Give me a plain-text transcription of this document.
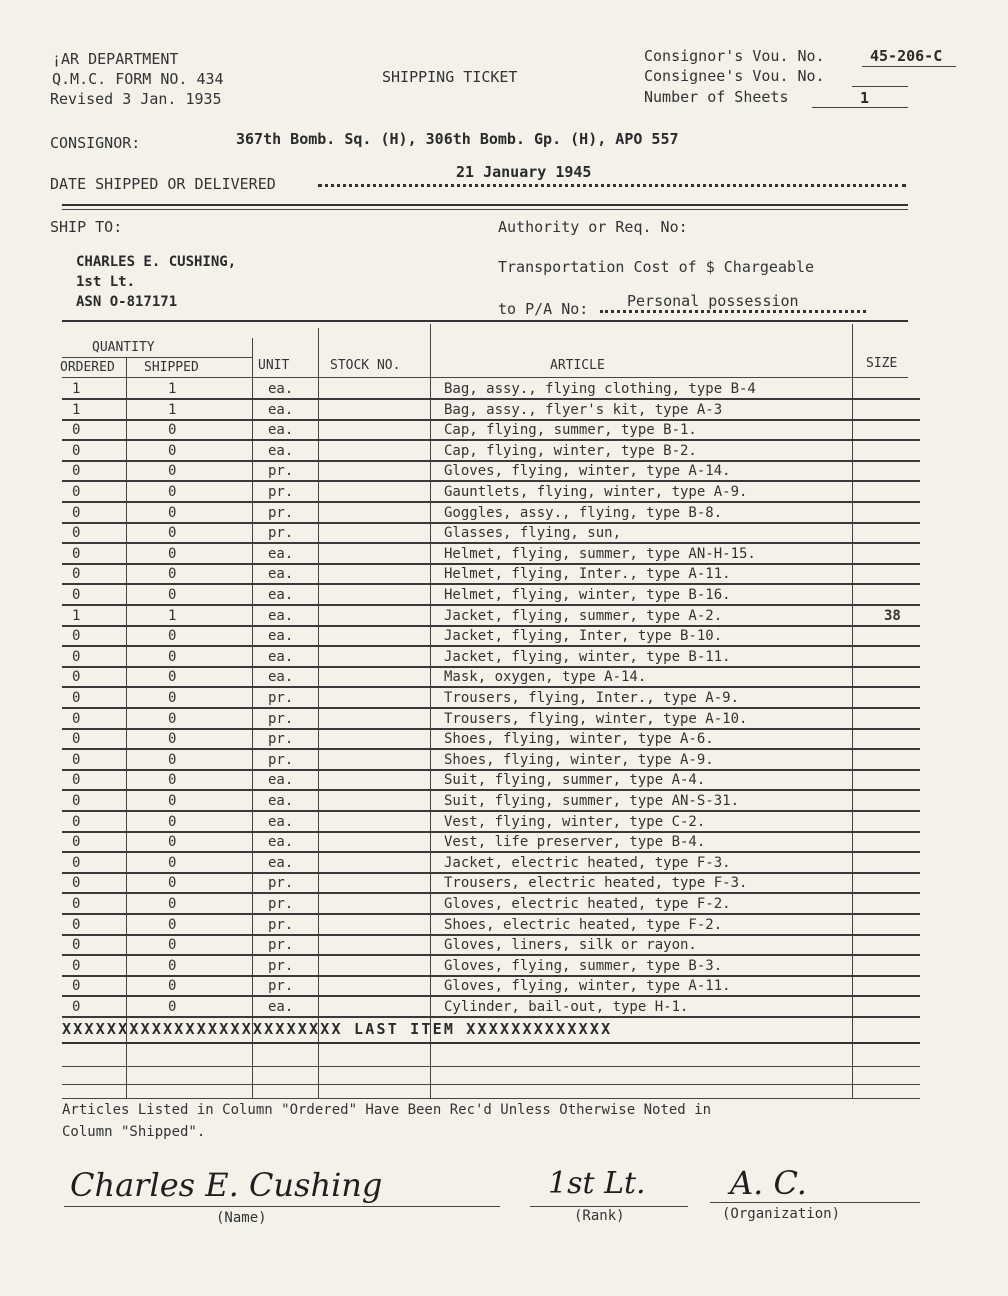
¡AR DEPARTMENT
Q.M.C. FORM NO. 434
Revised 3 Jan. 1935
SHIPPING TICKET
Consignor's Vou. No.	45-206-C
Consignee's Vou. No.
Number of Sheets	1
CONSIGNOR:	367th Bomb. Sq. (H), 306th Bomb. Gp. (H), APO 557
DATE SHIPPED OR DELIVERED
21 January 1945
SHIP TO:
CHARLES E. CUSHING,
1st Lt.
ASN O-817171
Authority or Req. No:
Transportation Cost of $ Chargeable
to P/A No:	Personal possession
QUANTITY
ORDERED SHIPPED	UNIT	STOCK NO.	ARTICLE	SIZE
1	1	ea.	Bag, assy., flying clothing, type B-4
1	1	ea.	Bag, assy., flyer's kit, type A-3
0	0	ea.	Cap, flying, summer, type B-1.
0	0	ea.	Cap, flying, winter, type B-2.
0	0	pr.	Gloves, flying, winter, type A-14.
0	0	pr.	Gauntlets, flying, winter, type A-9.
0	0	pr.	Goggles, assy., flying, type B-8.
0	0	pr.	Glasses, flying, sun,
0	0	ea.	Helmet, flying, summer, type AN-H-15.
0	0	ea.	Helmet, flying, Inter., type A-11.
0	0	ea.	Helmet, flying, winter, type B-16.
1	1	ea.	Jacket, flying, summer, type A-2.	38
0	0	ea.	Jacket, flying, Inter, type B-10.
0	0	ea.	Jacket, flying, winter, type B-11.
0	0	ea.	Mask, oxygen, type A-14.
0	0	pr.	Trousers, flying, Inter., type A-9.
0	0	pr.	Trousers, flying, winter, type A-10.
0	0	pr.	Shoes, flying, winter, type A-6.
0	0	pr.	Shoes, flying, winter, type A-9.
0	0	ea.	Suit, flying, summer, type A-4.
0	0	ea.	Suit, flying, summer, type AN-S-31.
0	0	ea.	Vest, flying, winter, type C-2.
0	0	ea.	Vest, life preserver, type B-4.
0	0	ea.	Jacket, electric heated, type F-3.
0	0	pr.	Trousers, electric heated, type F-3.
0	0	pr.	Gloves, electric heated, type F-2.
0	0	pr.	Shoes, electric heated, type F-2.
0	0	pr.	Gloves, liners, silk or rayon.
0	0	pr.	Gloves, flying, summer, type B-3.
0	0	pr.	Gloves, flying, winter, type A-11.
0	0	ea.	Cylinder, bail-out, type H-1.
XXXXXXXXXXXXXXXXXXXXXXXXX LAST ITEM XXXXXXXXXXXXX
Articles Listed in Column "Ordered" Have Been Rec'd Unless Otherwise Noted in
Column "Shipped".
Charles E. Cushing
(Name)
1st Lt.
(Rank)
A. C.
(Organization)
